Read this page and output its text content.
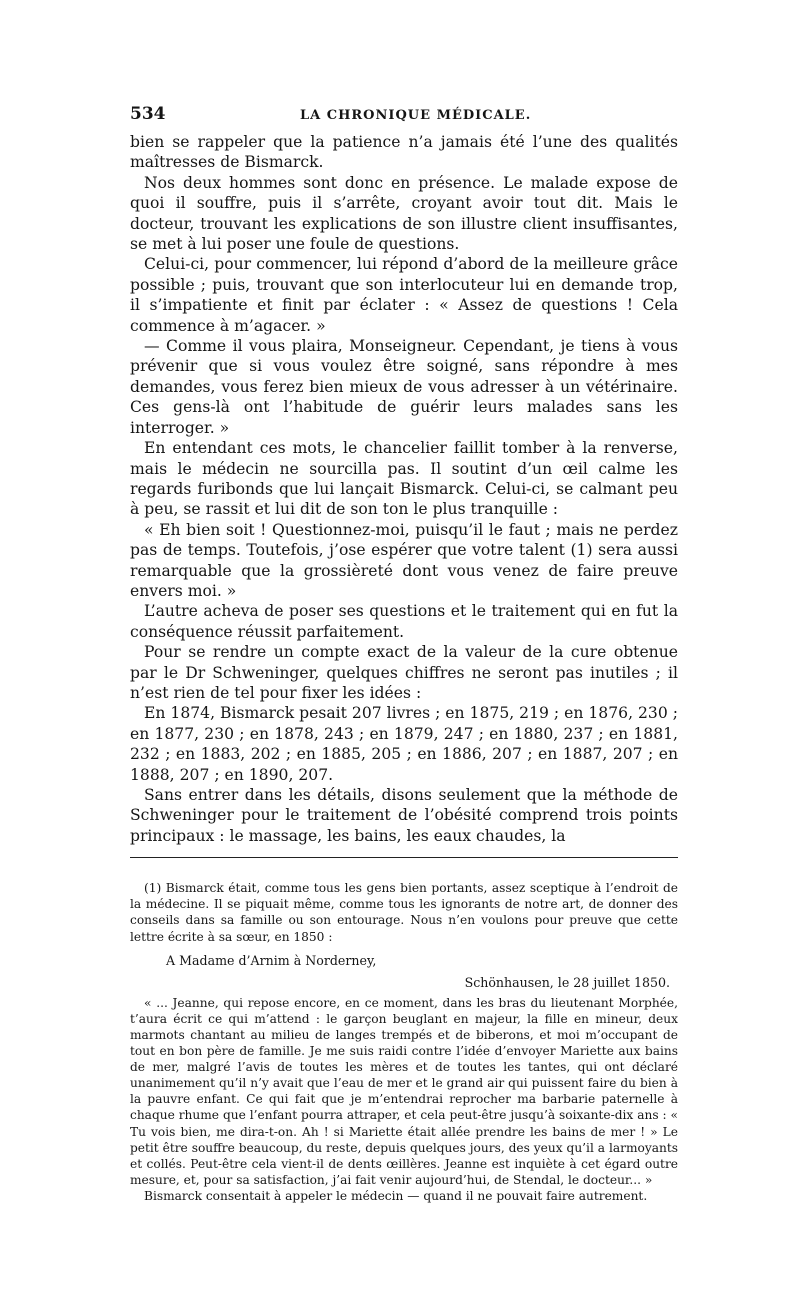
534	LA CHRONIQUE MÉDICALE.

bien se rappeler que la patience n’a jamais été l’une des qualités maîtresses de Bismarck.

Nos deux hommes sont donc en présence. Le malade expose de quoi il souffre, puis il s’arrête, croyant avoir tout dit. Mais le docteur, trouvant les explications de son illustre client insuffisantes, se met à lui poser une foule de questions.

Celui-ci, pour commencer, lui répond d’abord de la meilleure grâce possible ; puis, trouvant que son interlocuteur lui en demande trop, il s’impatiente et finit par éclater : « Assez de questions ! Cela commence à m’agacer. »

— Comme il vous plaira, Monseigneur. Cependant, je tiens à vous prévenir que si vous voulez être soigné, sans répondre à mes demandes, vous ferez bien mieux de vous adresser à un vétérinaire. Ces gens-là ont l’habitude de guérir leurs malades sans les interroger. »

En entendant ces mots, le chancelier faillit tomber à la renverse, mais le médecin ne sourcilla pas. Il soutint d’un œil calme les regards furibonds que lui lançait Bismarck. Celui-ci, se calmant peu à peu, se rassit et lui dit de son ton le plus tranquille :

« Eh bien soit ! Questionnez-moi, puisqu’il le faut ; mais ne perdez pas de temps. Toutefois, j’ose espérer que votre talent (1) sera aussi remarquable que la grossièreté dont vous venez de faire preuve envers moi. »

L’autre acheva de poser ses questions et le traitement qui en fut la conséquence réussit parfaitement.

Pour se rendre un compte exact de la valeur de la cure obtenue par le Dr Schweninger, quelques chiffres ne seront pas inutiles ; il n’est rien de tel pour fixer les idées :

En 1874, Bismarck pesait 207 livres ; en 1875, 219 ; en 1876, 230 ; en 1877, 230 ; en 1878, 243 ; en 1879, 247 ; en 1880, 237 ; en 1881, 232 ; en 1883, 202 ; en 1885, 205 ; en 1886, 207 ; en 1887, 207 ; en 1888, 207 ; en 1890, 207.

Sans entrer dans les détails, disons seulement que la méthode de Schweninger pour le traitement de l’obésité comprend trois points principaux : le massage, les bains, les eaux chaudes, la

(1) Bismarck était, comme tous les gens bien portants, assez sceptique à l’endroit de la médecine. Il se piquait même, comme tous les ignorants de notre art, de donner des conseils dans sa famille ou son entourage. Nous n’en voulons pour preuve que cette lettre écrite à sa sœur, en 1850 :

A Madame d’Arnim à Norderney,

Schönhausen, le 28 juillet 1850.

« ... Jeanne, qui repose encore, en ce moment, dans les bras du lieutenant Morphée, t’aura écrit ce qui m’attend : le garçon beuglant en majeur, la fille en mineur, deux marmots chantant au milieu de langes trempés et de biberons, et moi m’occupant de tout en bon père de famille. Je me suis raidi contre l’idée d’envoyer Mariette aux bains de mer, malgré l’avis de toutes les mères et de toutes les tantes, qui ont déclaré unanimement qu’il n’y avait que l’eau de mer et le grand air qui puissent faire du bien à la pauvre enfant. Ce qui fait que je m’entendrai reprocher ma barbarie paternelle à chaque rhume que l’enfant pourra attraper, et cela peut-être jusqu’à soixante-dix ans : « Tu vois bien, me dira-t-on. Ah ! si Mariette était allée prendre les bains de mer ! » Le petit être souffre beaucoup, du reste, depuis quelques jours, des yeux qu’il a larmoyants et collés. Peut-être cela vient-il de dents œillères. Jeanne est inquiète à cet égard outre mesure, et, pour sa satisfaction, j’ai fait venir aujourd’hui, de Stendal, le docteur... »

Bismarck consentait à appeler le médecin — quand il ne pouvait faire autrement.
